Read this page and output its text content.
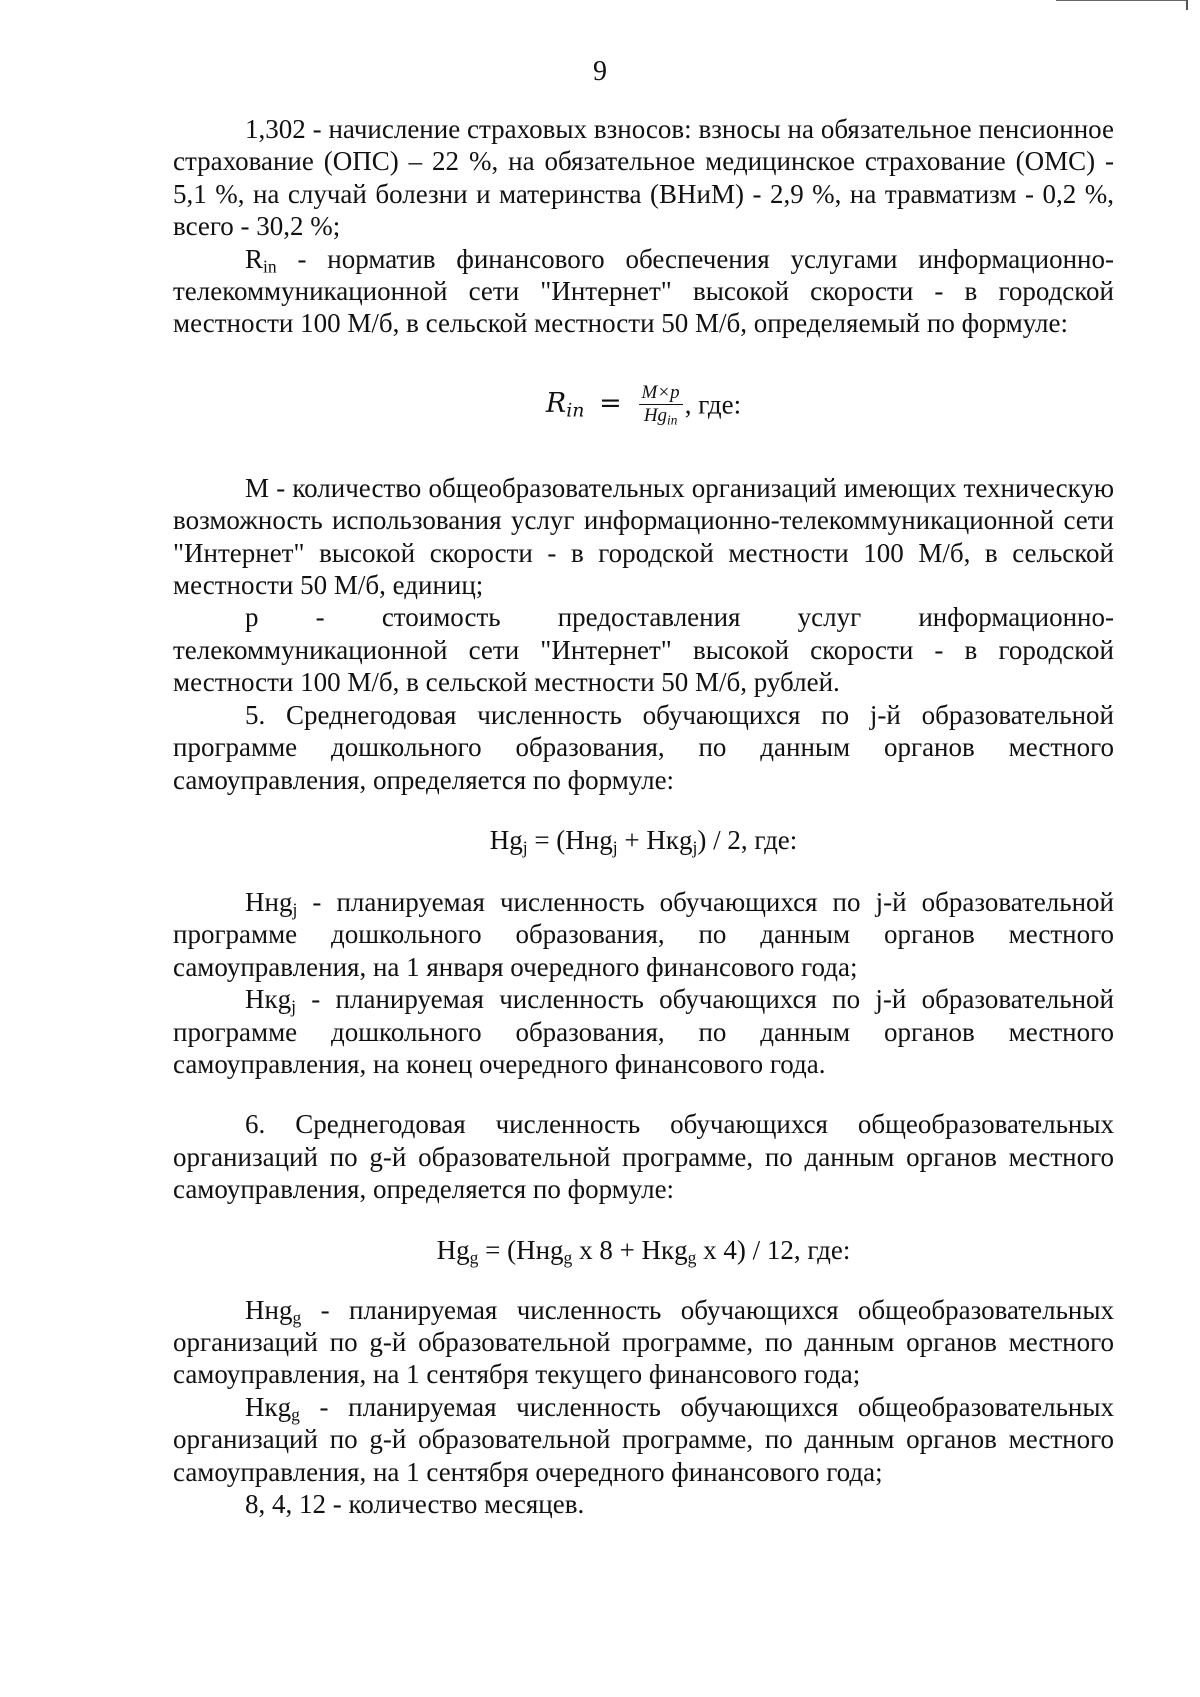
9

1,302 - начисление страховых взносов: взносы на обязательное пенсионное страхование (ОПС) – 22 %, на обязательное медицинское страхование (ОМС) - 5,1 %, на случай болезни и материнства (ВНиМ) - 2,9 %, на травматизм - 0,2 %, всего - 30,2 %;

$R_{in}$ - норматив финансового обеспечения услугами информационно-телекоммуникационной сети "Интернет" высокой скорости - в городской местности 100 М/б, в сельской местности 50 М/б, определяемый по формуле:

$R_{in} = \frac{M\times p}{Hg_{in}}$ , где:

М - количество общеобразовательных организаций имеющих техническую возможность использования услуг информационно-телекоммуникационной сети "Интернет" высокой скорости - в городской местности 100 М/б, в сельской местности 50 М/б, единиц;

р - стоимость предоставления услуг информационно-телекоммуникационной сети "Интернет" высокой скорости - в городской местности 100 М/б, в сельской местности 50 М/б, рублей.

5. Среднегодовая численность обучающихся по j-й образовательной программе дошкольного образования, по данным органов местного самоуправления, определяется по формуле:

$Hg_j = (Ннg_j + Нкg_j) / 2$, где:

Ннg$_j$ - планируемая численность обучающихся по j-й образовательной программе дошкольного образования, по данным органов местного самоуправления, на 1 января очередного финансового года;

Нкg$_j$ - планируемая численность обучающихся по j-й образовательной программе дошкольного образования, по данным органов местного самоуправления, на конец очередного финансового года.

6. Среднегодовая численность обучающихся общеобразовательных организаций по g-й образовательной программе, по данным органов местного самоуправления, определяется по формуле:

$Hg_g = (Ннg_g$ х 8 + Нкg$_g$ х 4) / 12, где:

Ннg$_g$ - планируемая численность обучающихся общеобразовательных организаций по g-й образовательной программе, по данным органов местного самоуправления, на 1 сентября текущего финансового года;

Нкg$_g$ - планируемая численность обучающихся общеобразовательных организаций по g-й образовательной программе, по данным органов местного самоуправления, на 1 сентября очередного финансового года;

8, 4, 12 - количество месяцев.
